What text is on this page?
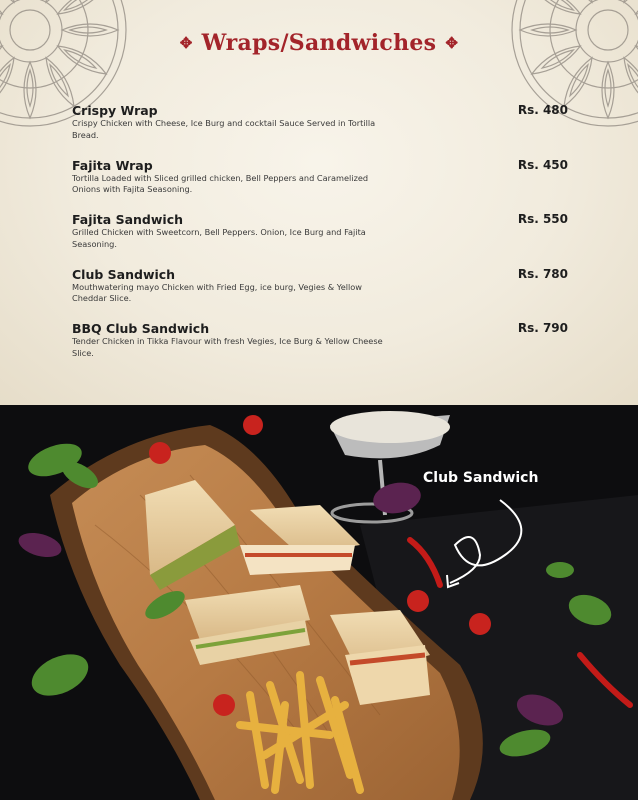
✥ Wraps/Sandwiches ✥
Crispy Wrap
Crispy Chicken with Cheese, Ice Burg and cocktail Sauce Served in Tortilla Bread.
Rs. 480
Fajita Wrap
Tortilla Loaded with Sliced grilled chicken, Bell Peppers and Caramelized Onions with Fajita Seasoning.
Rs. 450
Fajita Sandwich
Grilled Chicken with Sweetcorn, Bell Peppers. Onion, Ice Burg and Fajita Seasoning.
Rs. 550
Club Sandwich
Mouthwatering mayo Chicken with Fried Egg, ice burg, Vegies & Yellow Cheddar Slice.
Rs. 780
BBQ Club Sandwich
Tender Chicken in Tikka Flavour with fresh Vegies, Ice Burg & Yellow Cheese Slice.
Rs. 790
Club Sandwich
